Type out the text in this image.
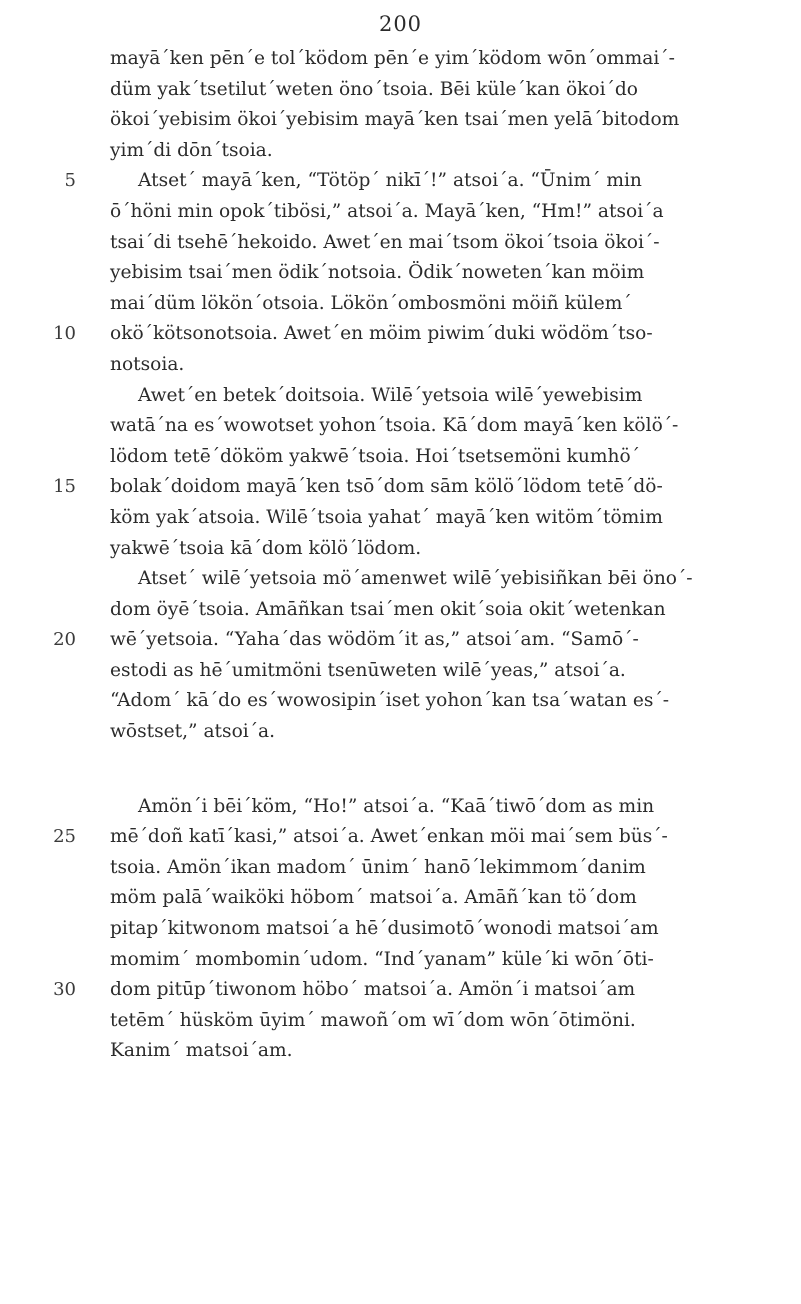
200
mayā´ken pēn´e tol´ködom pēn´e yim´ködom wōn´ommai´-
düm yak´tsetilut´weten öno´tsoia. Bēi küle´kan ökoi´do
ökoi´yebisim ökoi´yebisim mayā´ken tsai´men yelā´bitodom
yim´di dōn´tsoia.
5	Atset´ mayā´ken, “Tötöp´ nikī´!” atsoi´a. “Ūnim´ min
ō´höni min opok´tibösi,” atsoi´a. Mayā´ken, “Hm!” atsoi´a
tsai´di tsehē´hekoido. Awet´en mai´tsom ökoi´tsoia ökoi´-
yebisim tsai´men ödik´notsoia. Ödik´noweten´kan möim
mai´düm lökön´otsoia. Lökön´ombosmöni möiñ külem´
10 okö´kötsonotsoia. Awet´en möim piwim´duki wödöm´tso-
notsoia.
Awet´en betek´doitsoia. Wilē´yetsoia wilē´yewebisim
watā´na es´wowotset yohon´tsoia. Kā´dom mayā´ken kölö´-
lödom tetē´dököm yakwē´tsoia. Hoi´tsetsemöni kumhö´
15 bolak´doidom mayā´ken tsō´dom sām kölö´lödom tetē´dö-
köm yak´atsoia. Wilē´tsoia yahat´ mayā´ken witöm´tömim
yakwē´tsoia kā´dom kölö´lödom.
Atset´ wilē´yetsoia mö´amenwet wilē´yebisiñkan bēi öno´-
dom öyē´tsoia. Amāñkan tsai´men okit´soia okit´wetenkan
20 wē´yetsoia. “Yaha´das wödöm´it as,” atsoi´am. “Samō´-
estodi as hē´umitmöni tsenūweten wilē´yeas,” atsoi´a.
“Adom´ kā´do es´wowosipin´iset yohon´kan tsa´watan es´-
wōstset,” atsoi´a.
Amön´i bēi´köm, “Ho!” atsoi´a. “Kaā´tiwō´dom as min
25 mē´doñ katī´kasi,” atsoi´a. Awet´enkan möi mai´sem büs´-
tsoia. Amön´ikan madom´ ūnim´ hanō´lekimmom´danim
möm palā´waiköki höbom´ matsoi´a. Amāñ´kan tö´dom
pitap´kitwonom matsoi´a hē´dusimotō´wonodi matsoi´am
momim´ mombomin´udom. “Ind´yanam” küle´ki wōn´ōti-
30 dom pitūp´tiwonom höbo´ matsoi´a. Amön´i matsoi´am
tetēm´ hüsköm ūyim´ mawoñ´om wī´dom wōn´ōtimöni.
Kanim´ matsoi´am.
